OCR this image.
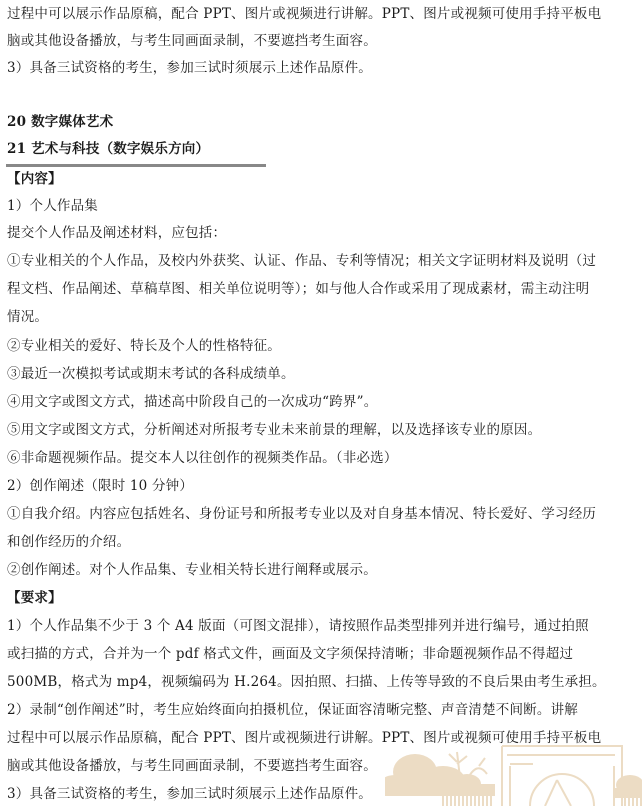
过程中可以展示作品原稿，配合 PPT、图片或视频进行讲解。PPT、图片或视频可使用手持平板电
脑或其他设备播放，与考生同画面录制，不要遮挡考生面容。
3）具备三试资格的考生，参加三试时须展示上述作品原件。
20 数字媒体艺术
21 艺术与科技（数字娱乐方向）
【内容】
1）个人作品集
提交个人作品及阐述材料，应包括：
①专业相关的个人作品，及校内外获奖、认证、作品、专利等情况；相关文字证明材料及说明（过
程文档、作品阐述、草稿草图、相关单位说明等）；如与他人合作或采用了现成素材，需主动注明
情况。
②专业相关的爱好、特长及个人的性格特征。
③最近一次模拟考试或期末考试的各科成绩单。
④用文字或图文方式，描述高中阶段自己的一次成功“跨界”。
⑤用文字或图文方式，分析阐述对所报考专业未来前景的理解，以及选择该专业的原因。
⑥非命题视频作品。提交本人以往创作的视频类作品。（非必选）
2）创作阐述（限时 10 分钟）
①自我介绍。内容应包括姓名、身份证号和所报考专业以及对自身基本情况、特长爱好、学习经历
和创作经历的介绍。
②创作阐述。对个人作品集、专业相关特长进行阐释或展示。
【要求】
1）个人作品集不少于 3 个 A4 版面（可图文混排），请按照作品类型排列并进行编号，通过拍照
或扫描的方式，合并为一个 pdf 格式文件，画面及文字须保持清晰；非命题视频作品不得超过
500MB，格式为 mp4，视频编码为 H.264。因拍照、扫描、上传等导致的不良后果由考生承担。
2）录制“创作阐述”时，考生应始终面向拍摄机位，保证面容清晰完整、声音清楚不间断。讲解
过程中可以展示作品原稿，配合 PPT、图片或视频进行讲解。PPT、图片或视频可使用手持平板电
脑或其他设备播放，与考生同画面录制，不要遮挡考生面容。
3）具备三试资格的考生，参加三试时须展示上述作品原件。
